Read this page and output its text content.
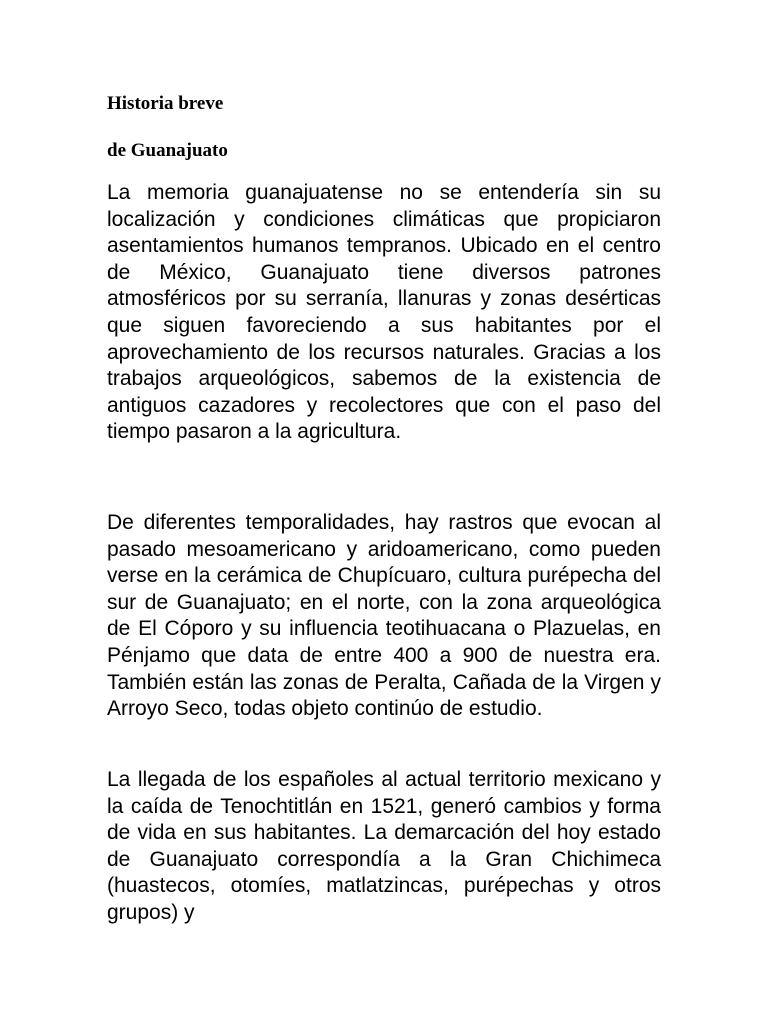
Historia breve
de Guanajuato

La memoria guanajuatense no se entendería sin su localización y condiciones climáticas que propiciaron asentamientos humanos tempranos. Ubicado en el centro de México, Guanajuato tiene diversos patrones atmosféricos por su serranía, llanuras y zonas desérticas que siguen favoreciendo a sus habitantes por el aprovechamiento de los recursos naturales. Gracias a los trabajos arqueológicos, sabemos de la existencia de antiguos cazadores y recolectores que con el paso del tiempo pasaron a la agricultura.

De diferentes temporalidades, hay rastros que evocan al pasado mesoamericano y aridoamericano, como pueden verse en la cerámica de Chupícuaro, cultura purépecha del sur de Guanajuato; en el norte, con la zona arqueológica de El Cóporo y su influencia teotihuacana o Plazuelas, en Pénjamo que data de entre 400 a 900 de nuestra era. También están las zonas de Peralta, Cañada de la Virgen y Arroyo Seco, todas objeto continúo de estudio.

La llegada de los españoles al actual territorio mexicano y la caída de Tenochtitlán en 1521, generó cambios y forma de vida en sus habitantes. La demarcación del hoy estado de Guanajuato correspondía a la Gran Chichimeca (huastecos, otomíes, matlatzincas, purépechas y otros grupos) y
